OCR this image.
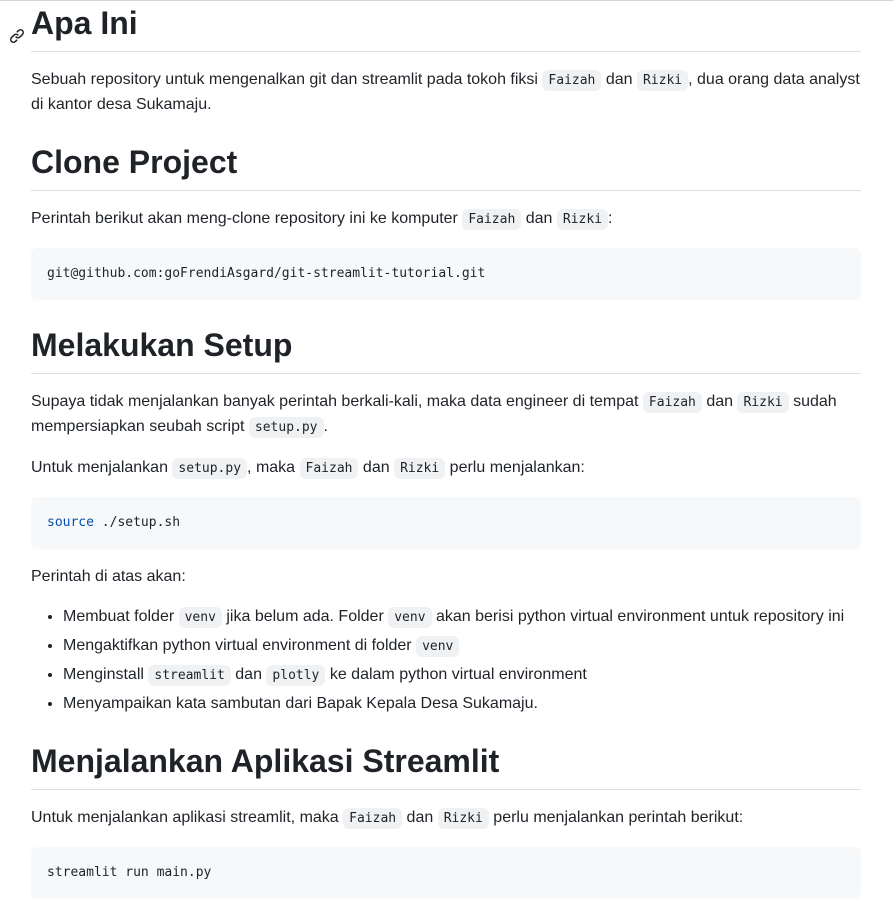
Apa Ini

Sebuah repository untuk mengenalkan git dan streamlit pada tokoh fiksi Faizah dan Rizki , dua orang data analyst di kantor desa Sukamaju.

Clone Project

Perintah berikut akan meng-clone repository ini ke komputer Faizah dan Rizki :

git@github.com:goFrendiAsgard/git-streamlit-tutorial.git
Melakukan Setup

Supaya tidak menjalankan banyak perintah berkali-kali, maka data engineer di tempat Faizah dan Rizki sudah mempersiapkan seubah script setup.py .

Untuk menjalankan setup.py , maka Faizah dan Rizki perlu menjalankan:

source ./setup.sh

Perintah di atas akan:

• Membuat folder venv jika belum ada. Folder venv akan berisi python virtual environment untuk repository ini
• Mengaktifkan python virtual environment di folder venv
• Menginstall streamlit dan plotly ke dalam python virtual environment
• Menyampaikan kata sambutan dari Bapak Kepala Desa Sukamaju.
Menjalankan Aplikasi Streamlit

Untuk menjalankan aplikasi streamlit, maka Faizah dan Rizki perlu menjalankan perintah berikut:

streamlit run main.py
